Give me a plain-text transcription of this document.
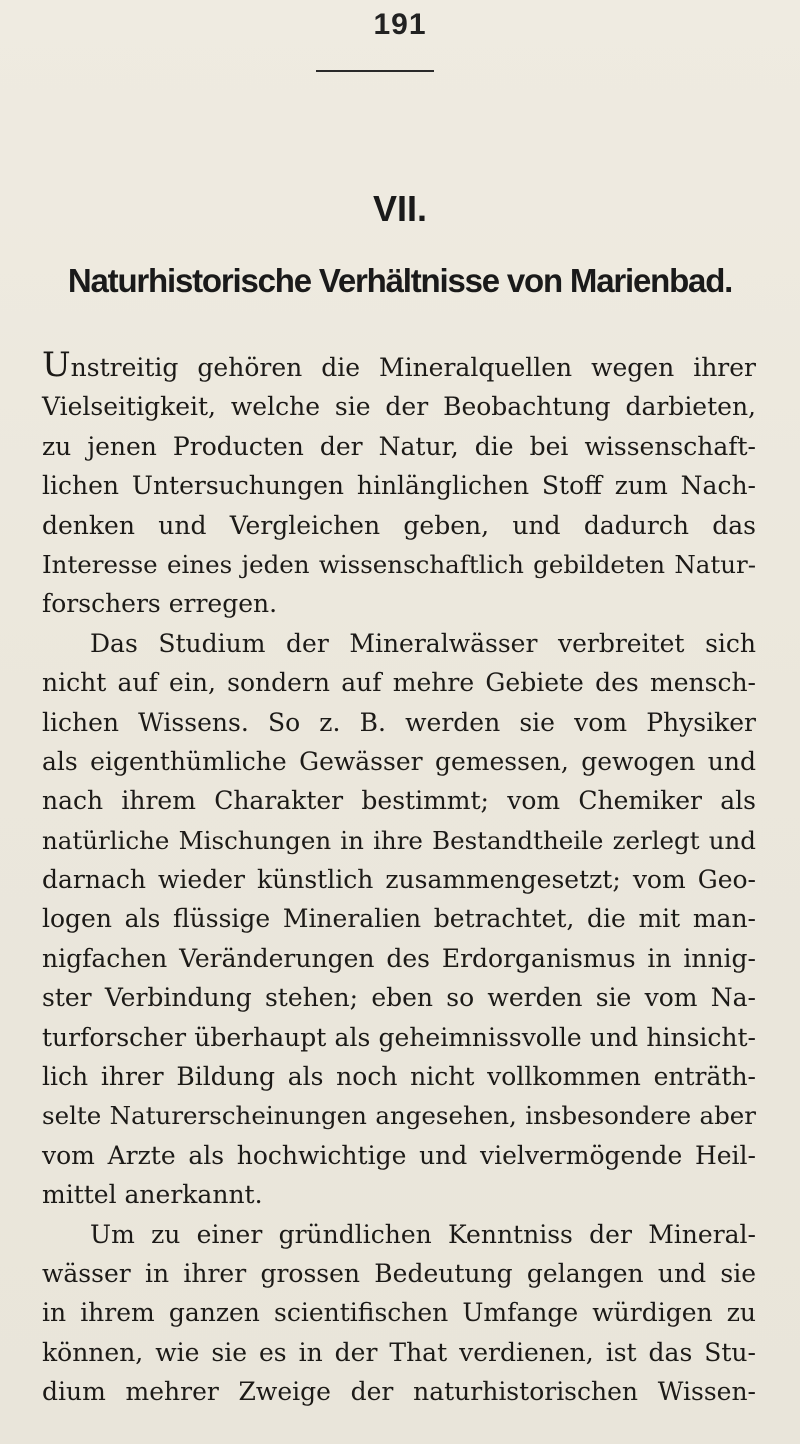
191
VII.
Naturhistorische Verhältnisse von Marienbad.
Unstreitig gehören die Mineralquellen wegen ihrer
Vielseitigkeit, welche sie der Beobachtung darbieten,
zu jenen Producten der Natur, die bei wissenschaft-
lichen Untersuchungen hinlänglichen Stoff zum Nach-
denken und Vergleichen geben, und dadurch das
Interesse eines jeden wissenschaftlich gebildeten Natur-
forschers erregen.
Das Studium der Mineralwässer verbreitet sich
nicht auf ein, sondern auf mehre Gebiete des mensch-
lichen Wissens. So z. B. werden sie vom Physiker
als eigenthümliche Gewässer gemessen, gewogen und
nach ihrem Charakter bestimmt; vom Chemiker als
natürliche Mischungen in ihre Bestandtheile zerlegt und
darnach wieder künstlich zusammengesetzt; vom Geo-
logen als flüssige Mineralien betrachtet, die mit man-
nigfachen Veränderungen des Erdorganismus in innig-
ster Verbindung stehen; eben so werden sie vom Na-
turforscher überhaupt als geheimnissvolle und hinsicht-
lich ihrer Bildung als noch nicht vollkommen enträth-
selte Naturerscheinungen angesehen, insbesondere aber
vom Arzte als hochwichtige und vielvermögende Heil-
mittel anerkannt.
Um zu einer gründlichen Kenntniss der Mineral-
wässer in ihrer grossen Bedeutung gelangen und sie
in ihrem ganzen scientifischen Umfange würdigen zu
können, wie sie es in der That verdienen, ist das Stu-
dium mehrer Zweige der naturhistorischen Wissen-
